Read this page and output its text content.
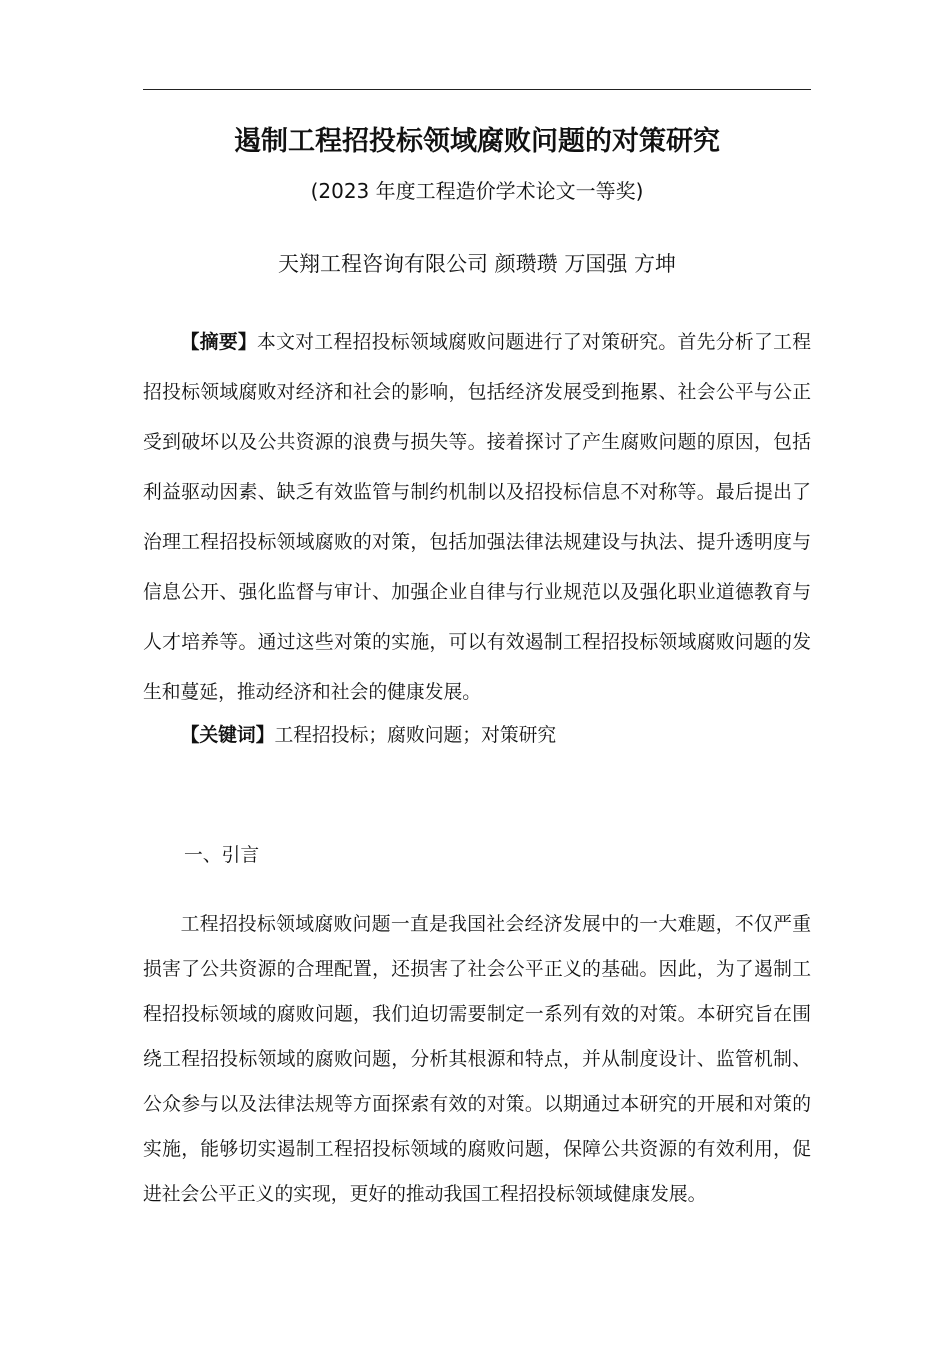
遏制工程招投标领域腐败问题的对策研究
(2023 年度工程造价学术论文一等奖)
天翔工程咨询有限公司 颜瓒瓒 万国强 方坤

【摘要】本文对工程招投标领域腐败问题进行了对策研究。首先分析了工程招投标领域腐败对经济和社会的影响，包括经济发展受到拖累、社会公平与公正受到破坏以及公共资源的浪费与损失等。接着探讨了产生腐败问题的原因，包括利益驱动因素、缺乏有效监管与制约机制以及招投标信息不对称等。最后提出了治理工程招投标领域腐败的对策，包括加强法律法规建设与执法、提升透明度与信息公开、强化监督与审计、加强企业自律与行业规范以及强化职业道德教育与人才培养等。通过这些对策的实施，可以有效遏制工程招投标领域腐败问题的发生和蔓延，推动经济和社会的健康发展。

【关键词】工程招投标；腐败问题；对策研究

一、引言

工程招投标领域腐败问题一直是我国社会经济发展中的一大难题，不仅严重损害了公共资源的合理配置，还损害了社会公平正义的基础。因此，为了遏制工程招投标领域的腐败问题，我们迫切需要制定一系列有效的对策。本研究旨在围绕工程招投标领域的腐败问题，分析其根源和特点，并从制度设计、监管机制、公众参与以及法律法规等方面探索有效的对策。以期通过本研究的开展和对策的实施，能够切实遏制工程招投标领域的腐败问题，保障公共资源的有效利用，促进社会公平正义的实现，更好的推动我国工程招投标领域健康发展。
